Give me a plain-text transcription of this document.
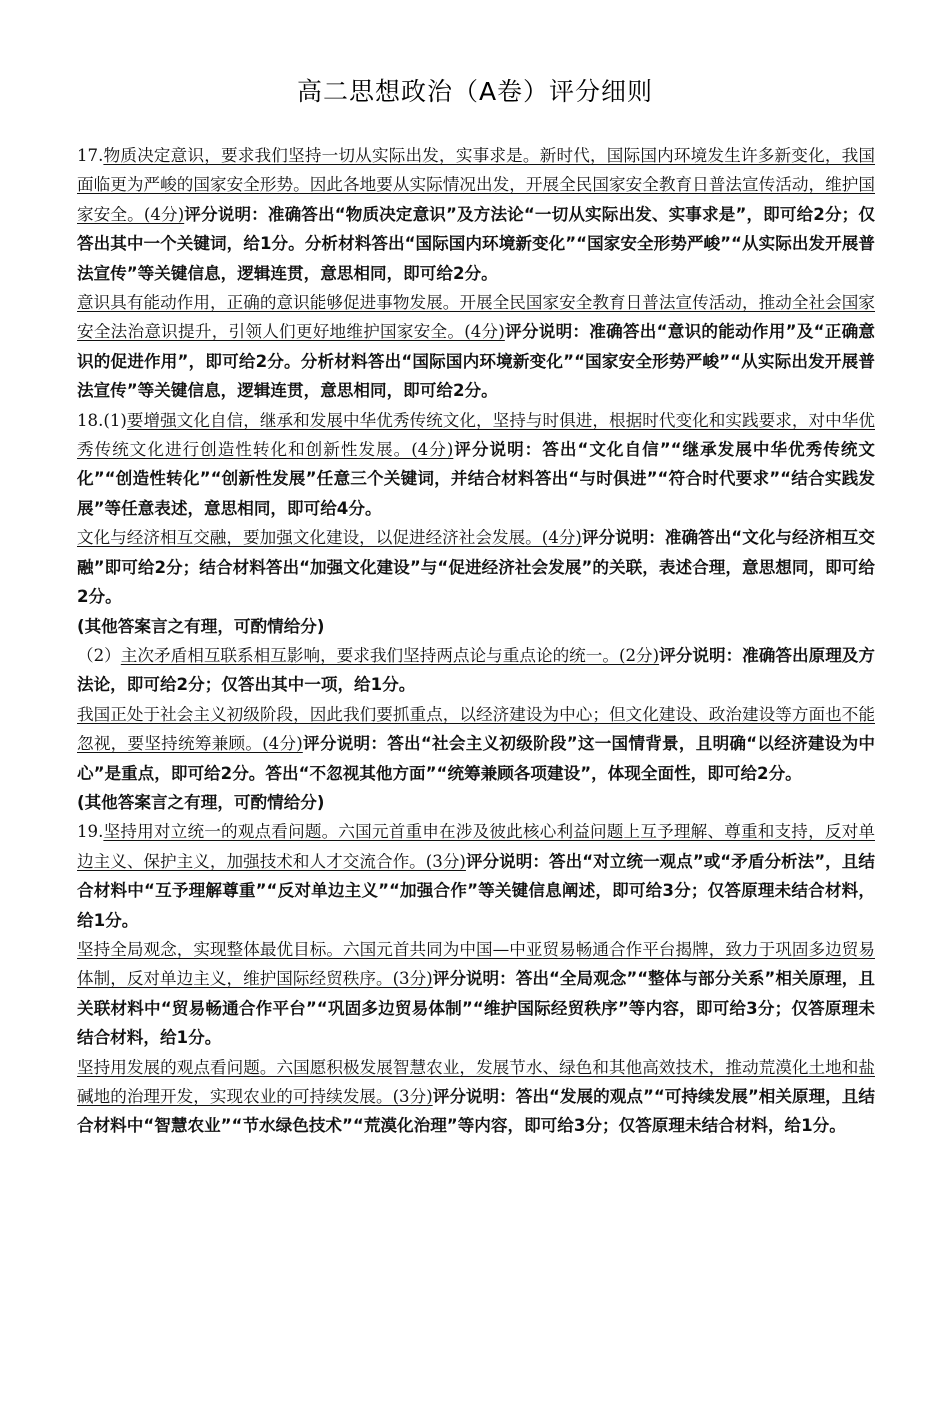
高二思想政治（A卷）评分细则

17.物质决定意识，要求我们坚持一切从实际出发，实事求是。新时代，国际国内环境发生许多新变化，我国面临更为严峻的国家安全形势。因此各地要从实际情况出发，开展全民国家安全教育日普法宣传活动，维护国家安全。(4分)评分说明：准确答出“物质决定意识”及方法论“一切从实际出发、实事求是”，即可给2分；仅答出其中一个关键词，给1分。分析材料答出“国际国内环境新变化”“国家安全形势严峻”“从实际出发开展普法宣传”等关键信息，逻辑连贯，意思相同，即可给2分。

意识具有能动作用，正确的意识能够促进事物发展。开展全民国家安全教育日普法宣传活动，推动全社会国家安全法治意识提升，引领人们更好地维护国家安全。(4分)评分说明：准确答出“意识的能动作用”及“正确意识的促进作用”，即可给2分。分析材料答出“国际国内环境新变化”“国家安全形势严峻”“从实际出发开展普法宣传”等关键信息，逻辑连贯，意思相同，即可给2分。

18.(1)要增强文化自信，继承和发展中华优秀传统文化，坚持与时俱进，根据时代变化和实践要求，对中华优秀传统文化进行创造性转化和创新性发展。(4分)评分说明：答出“文化自信”“继承发展中华优秀传统文化”“创造性转化”“创新性发展”任意三个关键词，并结合材料答出“与时俱进”“符合时代要求”“结合实践发展”等任意表述，意思相同，即可给4分。

文化与经济相互交融，要加强文化建设，以促进经济社会发展。(4分)评分说明：准确答出“文化与经济相互交融”即可给2分；结合材料答出“加强文化建设”与“促进经济社会发展”的关联，表述合理，意思想同，即可给2分。

(其他答案言之有理，可酌情给分)

（2）主次矛盾相互联系相互影响，要求我们坚持两点论与重点论的统一。(2分)评分说明：准确答出原理及方法论，即可给2分；仅答出其中一项，给1分。

我国正处于社会主义初级阶段，因此我们要抓重点，以经济建设为中心；但文化建设、政治建设等方面也不能忽视，要坚持统筹兼顾。(4分)评分说明：答出“社会主义初级阶段”这一国情背景，且明确“以经济建设为中心”是重点，即可给2分。答出“不忽视其他方面”“统筹兼顾各项建设”，体现全面性，即可给2分。

(其他答案言之有理，可酌情给分)

19.坚持用对立统一的观点看问题。六国元首重申在涉及彼此核心利益问题上互予理解、尊重和支持，反对单边主义、保护主义，加强技术和人才交流合作。(3分)评分说明：答出“对立统一观点”或“矛盾分析法”，且结合材料中“互予理解尊重”“反对单边主义”“加强合作”等关键信息阐述，即可给3分；仅答原理未结合材料，给1分。

坚持全局观念，实现整体最优目标。六国元首共同为中国—中亚贸易畅通合作平台揭牌，致力于巩固多边贸易体制，反对单边主义，维护国际经贸秩序。(3分)评分说明：答出“全局观念”“整体与部分关系”相关原理，且关联材料中“贸易畅通合作平台”“巩固多边贸易体制”“维护国际经贸秩序”等内容，即可给3分；仅答原理未结合材料，给1分。

坚持用发展的观点看问题。六国愿积极发展智慧农业，发展节水、绿色和其他高效技术，推动荒漠化土地和盐碱地的治理开发，实现农业的可持续发展。(3分)评分说明：答出“发展的观点”“可持续发展”相关原理，且结合材料中“智慧农业”“节水绿色技术”“荒漠化治理”等内容，即可给3分；仅答原理未结合材料，给1分。
